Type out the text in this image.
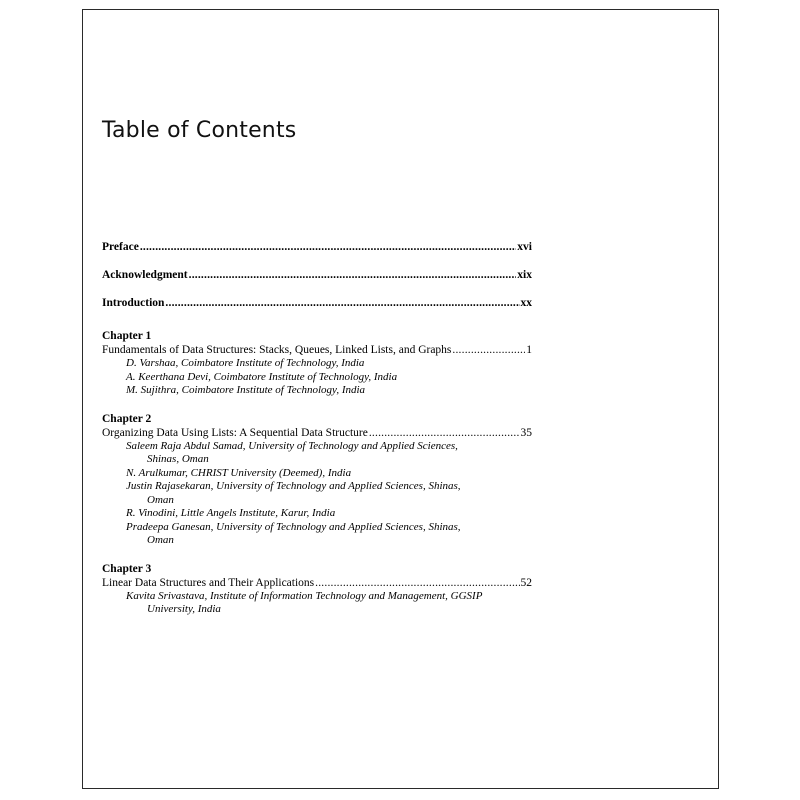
Table of Contents
Preface .....	xvi
Acknowledgment .....	xix
Introduction .....	xx
Chapter 1
Fundamentals of Data Structures: Stacks, Queues, Linked Lists, and Graphs .....	1
D. Varshaa, Coimbatore Institute of Technology, India
A. Keerthana Devi, Coimbatore Institute of Technology, India
M. Sujithra, Coimbatore Institute of Technology, India
Chapter 2
Organizing Data Using Lists: A Sequential Data Structure .....	35
Saleem Raja Abdul Samad, University of Technology and Applied Sciences, Shinas, Oman
N. Arulkumar, CHRIST University (Deemed), India
Justin Rajasekaran, University of Technology and Applied Sciences, Shinas, Oman
R. Vinodini, Little Angels Institute, Karur, India
Pradeepa Ganesan, University of Technology and Applied Sciences, Shinas, Oman
Chapter 3
Linear Data Structures and Their Applications .....	52
Kavita Srivastava, Institute of Information Technology and Management, GGSIP University, India
